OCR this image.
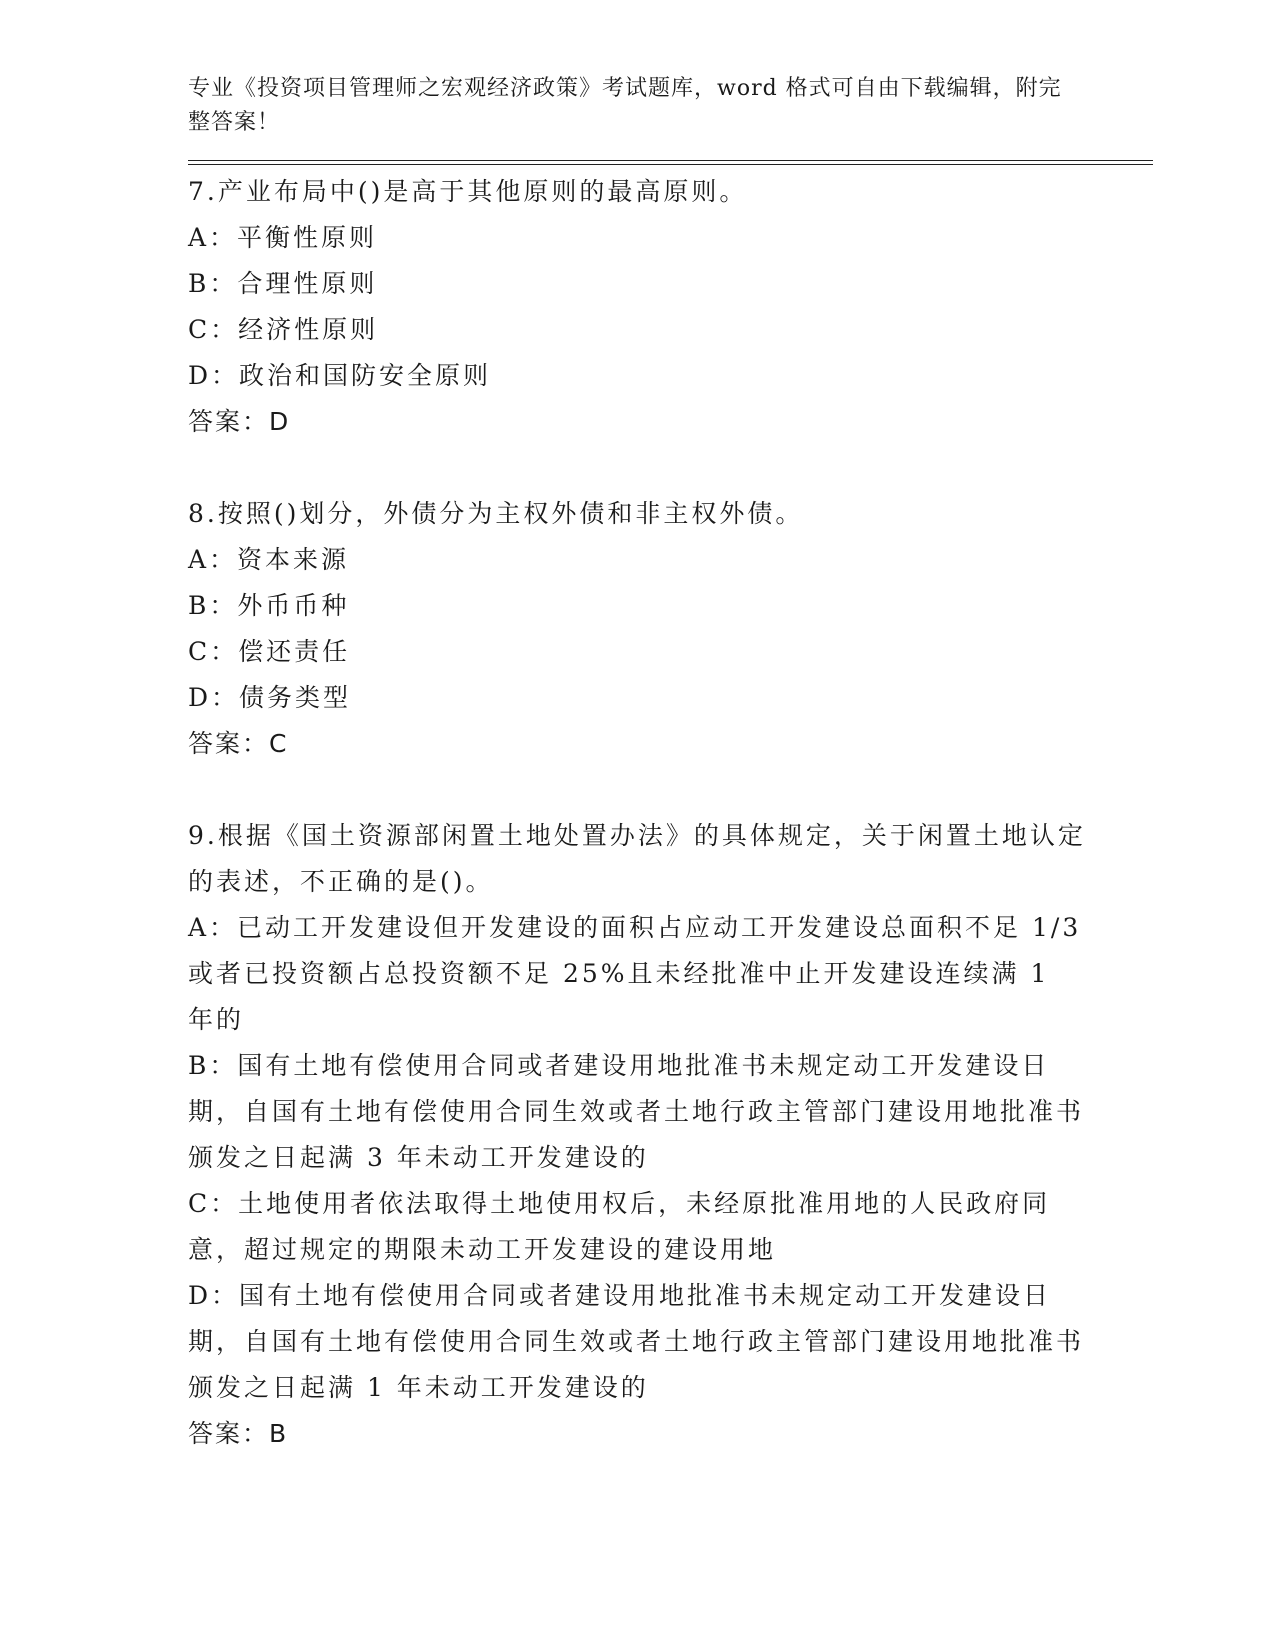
专业《投资项目管理师之宏观经济政策》考试题库，word 格式可自由下载编辑，附完整答案！
7.产业布局中()是高于其他原则的最高原则。
A：平衡性原则
B：合理性原则
C：经济性原则
D：政治和国防安全原则
答案：D
8.按照()划分，外债分为主权外债和非主权外债。
A：资本来源
B：外币币种
C：偿还责任
D：债务类型
答案：C
9.根据《国土资源部闲置土地处置办法》的具体规定，关于闲置土地认定的表述，不正确的是()。
A：已动工开发建设但开发建设的面积占应动工开发建设总面积不足 1/3 或者已投资额占总投资额不足 25%且未经批准中止开发建设连续满 1 年的
B：国有土地有偿使用合同或者建设用地批准书未规定动工开发建设日期，自国有土地有偿使用合同生效或者土地行政主管部门建设用地批准书颁发之日起满 3 年未动工开发建设的
C：土地使用者依法取得土地使用权后，未经原批准用地的人民政府同意，超过规定的期限未动工开发建设的建设用地
D：国有土地有偿使用合同或者建设用地批准书未规定动工开发建设日期，自国有土地有偿使用合同生效或者土地行政主管部门建设用地批准书颁发之日起满 1 年未动工开发建设的
答案：B
